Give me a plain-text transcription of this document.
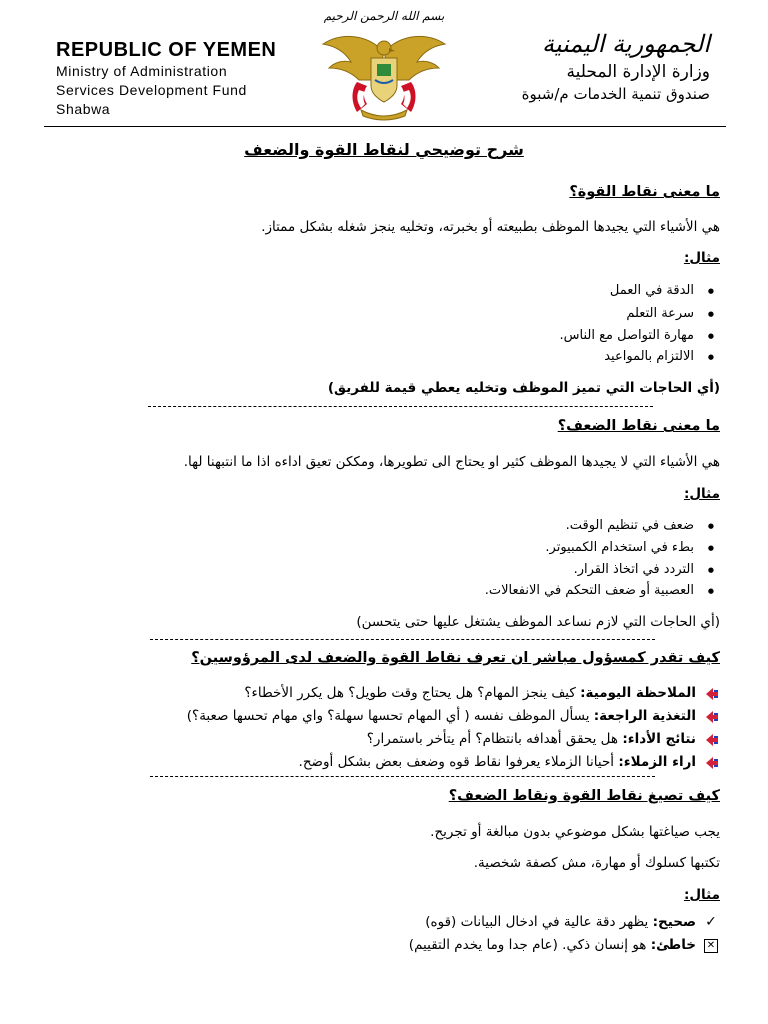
REPUBLIC OF YEMEN
Ministry of Administration
Services Development Fund Shabwa
بسم الله الرحمن الرحيم
الجمهورية اليمنية
وزارة الإدارة المحلية
صندوق تنمية الخدمات م/شبوة
شرح توضيحي لنقاط القوة والضعف
ما معنى نقاط القوة؟
هي الأشياء التي يجيدها الموظف بطبيعته أو بخبرته، وتخليه ينجز شغله بشكل ممتاز.
مثال:
● الدقة في العمل
● سرعة التعلم
● مهارة التواصل مع الناس.
● الالتزام بالمواعيد
(أي الحاجات التي تميز الموظف وتخليه يعطي قيمة للفريق)
ما معنى نقاط الضعف؟
هي الأشياء التي لا يجيدها الموظف كثير او يحتاج الى تطويرها، ومككن تعيق اداءه اذا ما انتبهنا لها.
مثال:
● ضعف في تنظيم الوقت.
● بطء في استخدام الكمبيوتر.
● التردد في اتخاذ القرار.
● العصبية أو ضعف التحكم في الانفعالات.
(أي الحاجات التي لازم نساعد الموظف يشتغل عليها حتى يتحسن)
كيف تقدر كمسؤول مباشر ان تعرف نقاط القوة والضعف لدى المرؤوسين؟
الملاحظة اليومية: كيف ينجز المهام؟ هل يحتاج وقت طويل؟ هل يكرر الأخطاء؟
التغذية الراجعة: يسأل الموظف نفسه ( أي المهام تحسها سهلة؟ واي مهام تحسها صعبة؟)
نتائج الأداء: هل يحقق أهدافه بانتظام؟ أم يتأخر باستمرار؟
اراء الزملاء: أحيانا الزملاء يعرفوا نقاط قوه وضعف بعض بشكل أوضح.
كيف تصيغ نقاط القوة ونقاط الضعف؟
يجب صياغتها بشكل موضوعي بدون مبالغة أو تجريح.
تكتبها كسلوك أو مهارة، مش كصفة شخصية.
مثال:
✓
صحيح: يظهر دقة عالية في ادخال البيانات (قوه)
✕
خاطئ: هو إنسان ذكي. (عام جدا وما يخدم التقييم)
